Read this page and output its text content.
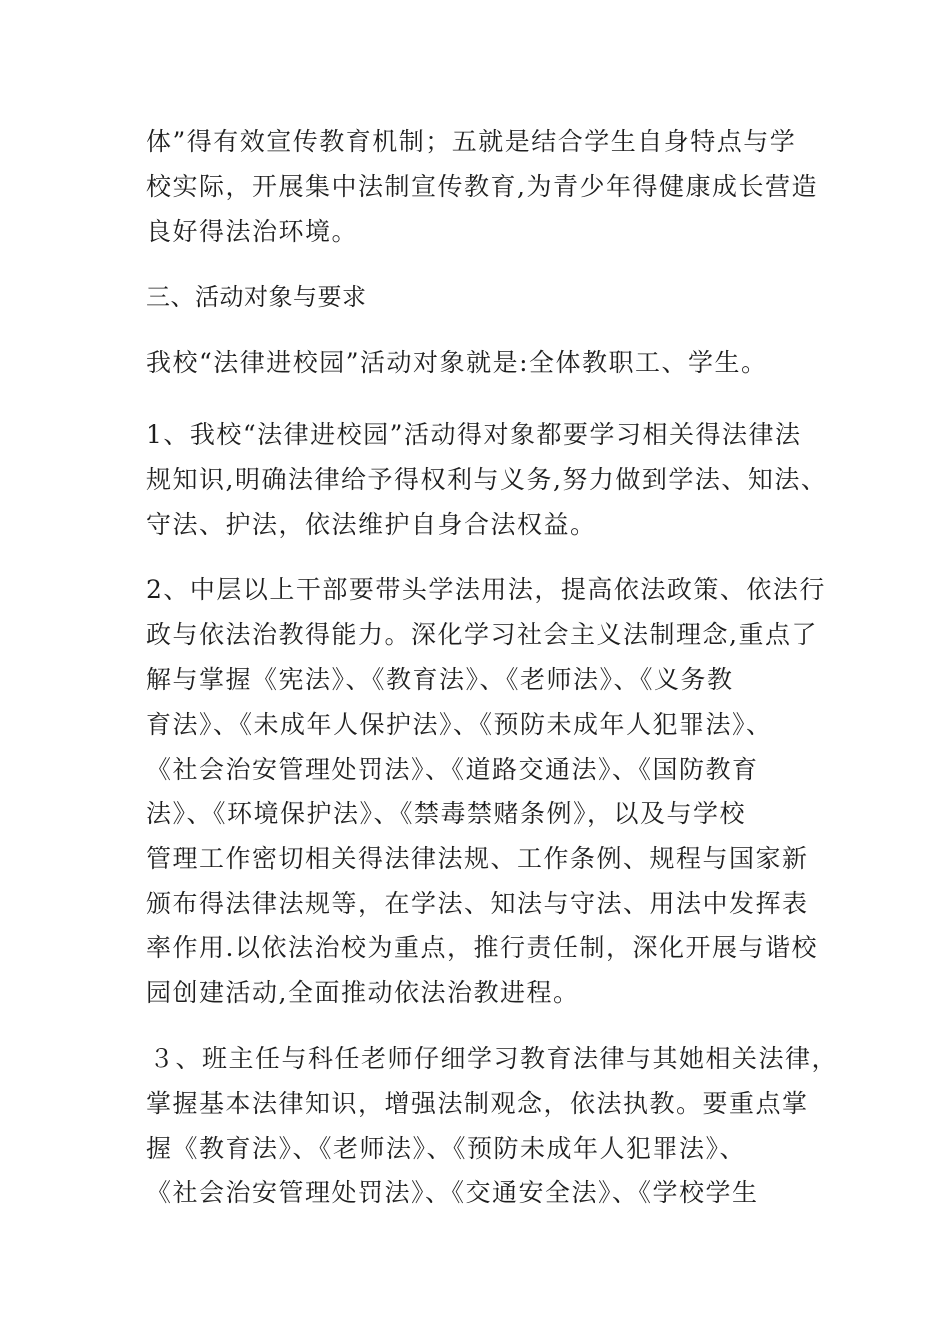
体”得有效宣传教育机制；五就是结合学生自身特点与学
校实际，开展集中法制宣传教育,为青少年得健康成长营造
良好得法治环境。
三、活动对象与要求
我校“法律进校园”活动对象就是:全体教职工、学生。
1、我校“法律进校园”活动得对象都要学习相关得法律法
规知识,明确法律给予得权利与义务,努力做到学法、知法、
守法、护法，依法维护自身合法权益。
2、中层以上干部要带头学法用法，提高依法政策、依法行
政与依法治教得能力。深化学习社会主义法制理念,重点了
解与掌握《宪法》、《教育法》、《老师法》、《义务教
育法》、《未成年人保护法》、《预防未成年人犯罪法》、
《社会治安管理处罚法》、《道路交通法》、《国防教育
法》、《环境保护法》、《禁毒禁赌条例》，以及与学校
管理工作密切相关得法律法规、工作条例、规程与国家新
颁布得法律法规等，在学法、知法与守法、用法中发挥表
率作用.以依法治校为重点，推行责任制，深化开展与谐校
园创建活动,全面推动依法治教进程。
３、班主任与科任老师仔细学习教育法律与其她相关法律，
掌握基本法律知识，增强法制观念，依法执教。要重点掌
握《教育法》、《老师法》、《预防未成年人犯罪法》、
《社会治安管理处罚法》、《交通安全法》、《学校学生
